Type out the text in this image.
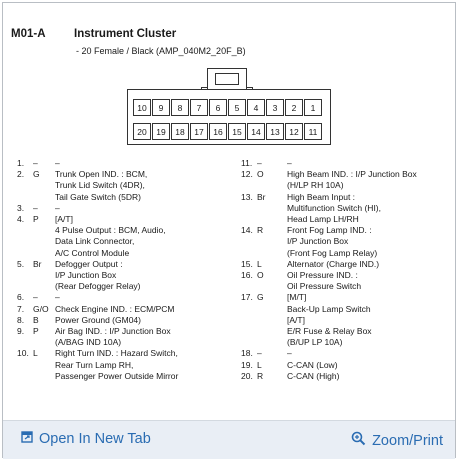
M01-A Instrument Cluster
- 20 Female / Black (AMP_040M2_20F_B)
10	9	8	7	6	5	4	3	2	1
20	19	18	17	16	15	14	13	12	11
1.	–	–
2.	G	Trunk Open IND. : BCM,
Trunk Lid Switch (4DR),
Tail Gate Switch (5DR)
3.	–	–
4.	P	[A/T]
4 Pulse Output : BCM, Audio,
Data Link Connector,
A/C Control Module
5.	Br	Defogger Output :
I/P Junction Box
(Rear Defogger Relay)
6.	–	–
7.	G/O Check Engine IND. : ECM/PCM
8.	B	Power Ground (GM04)
9.	P	Air Bag IND. : I/P Junction Box
(A/BAG IND 10A)
10. L	Right Turn IND. : Hazard Switch,
Rear Turn Lamp RH,
Passenger Power Outside Mirror
11. –	–
12. O	High Beam IND. : I/P Junction Box
(H/LP RH 10A)
13. Br	High Beam Input :
Multifunction Switch (HI),
Head Lamp LH/RH
14. R	Front Fog Lamp IND. :
I/P Junction Box
(Front Fog Lamp Relay)
15. L	Alternator (Charge IND.)
16. O	Oil Pressure IND. :
Oil Pressure Switch
17. G	[M/T]
Back-Up Lamp Switch
[A/T]
E/R Fuse & Relay Box
(B/UP LP 10A)
18. –	–
19. L	C-CAN (Low)
20. R	C-CAN (High)
Open In New Tab	Zoom/Print
